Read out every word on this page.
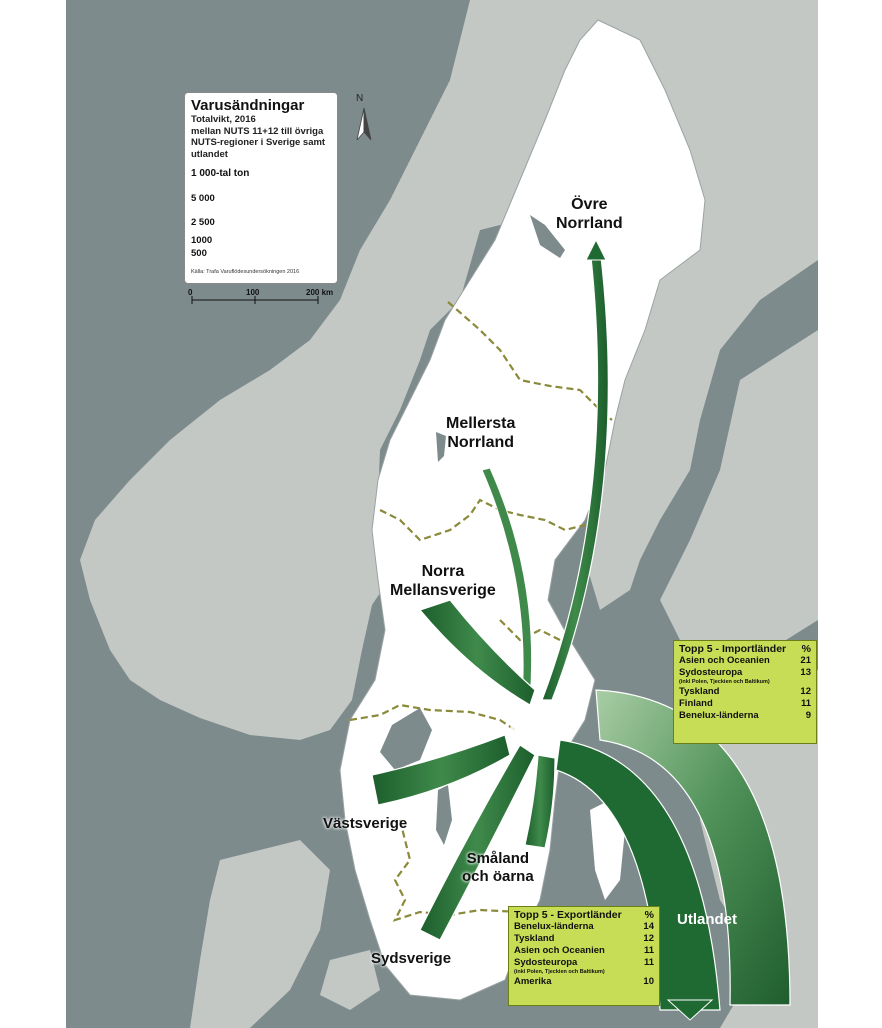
Varusändningar
Totalvikt, 2016
mellan NUTS 11+12 till övriga
NUTS-regioner i Sverige samt
utlandet
1 000-tal ton
5 000
2 500
1000
500
Källa: Trafa Varuflödesundersökningen 2016
0	100	200 km
N
Övre
Norrland
Mellersta
Norrland
Norra
Mellansverige
Västsverige
Småland
och öarna
Sydsverige
Utlandet
Topp 5 - Importländer %
Asien och Oceanien	21
Sydosteuropa	13
(inkl Polen, Tjeckien och Baltikum)
Tyskland	12
Finland	11
Benelux-länderna	9
Topp 5 - Exportländer %
Benelux-länderna	14
Tyskland	12
Asien och Oceanien	11
Sydosteuropa	11
(inkl Polen, Tjeckien och Baltikum)
Amerika	10
